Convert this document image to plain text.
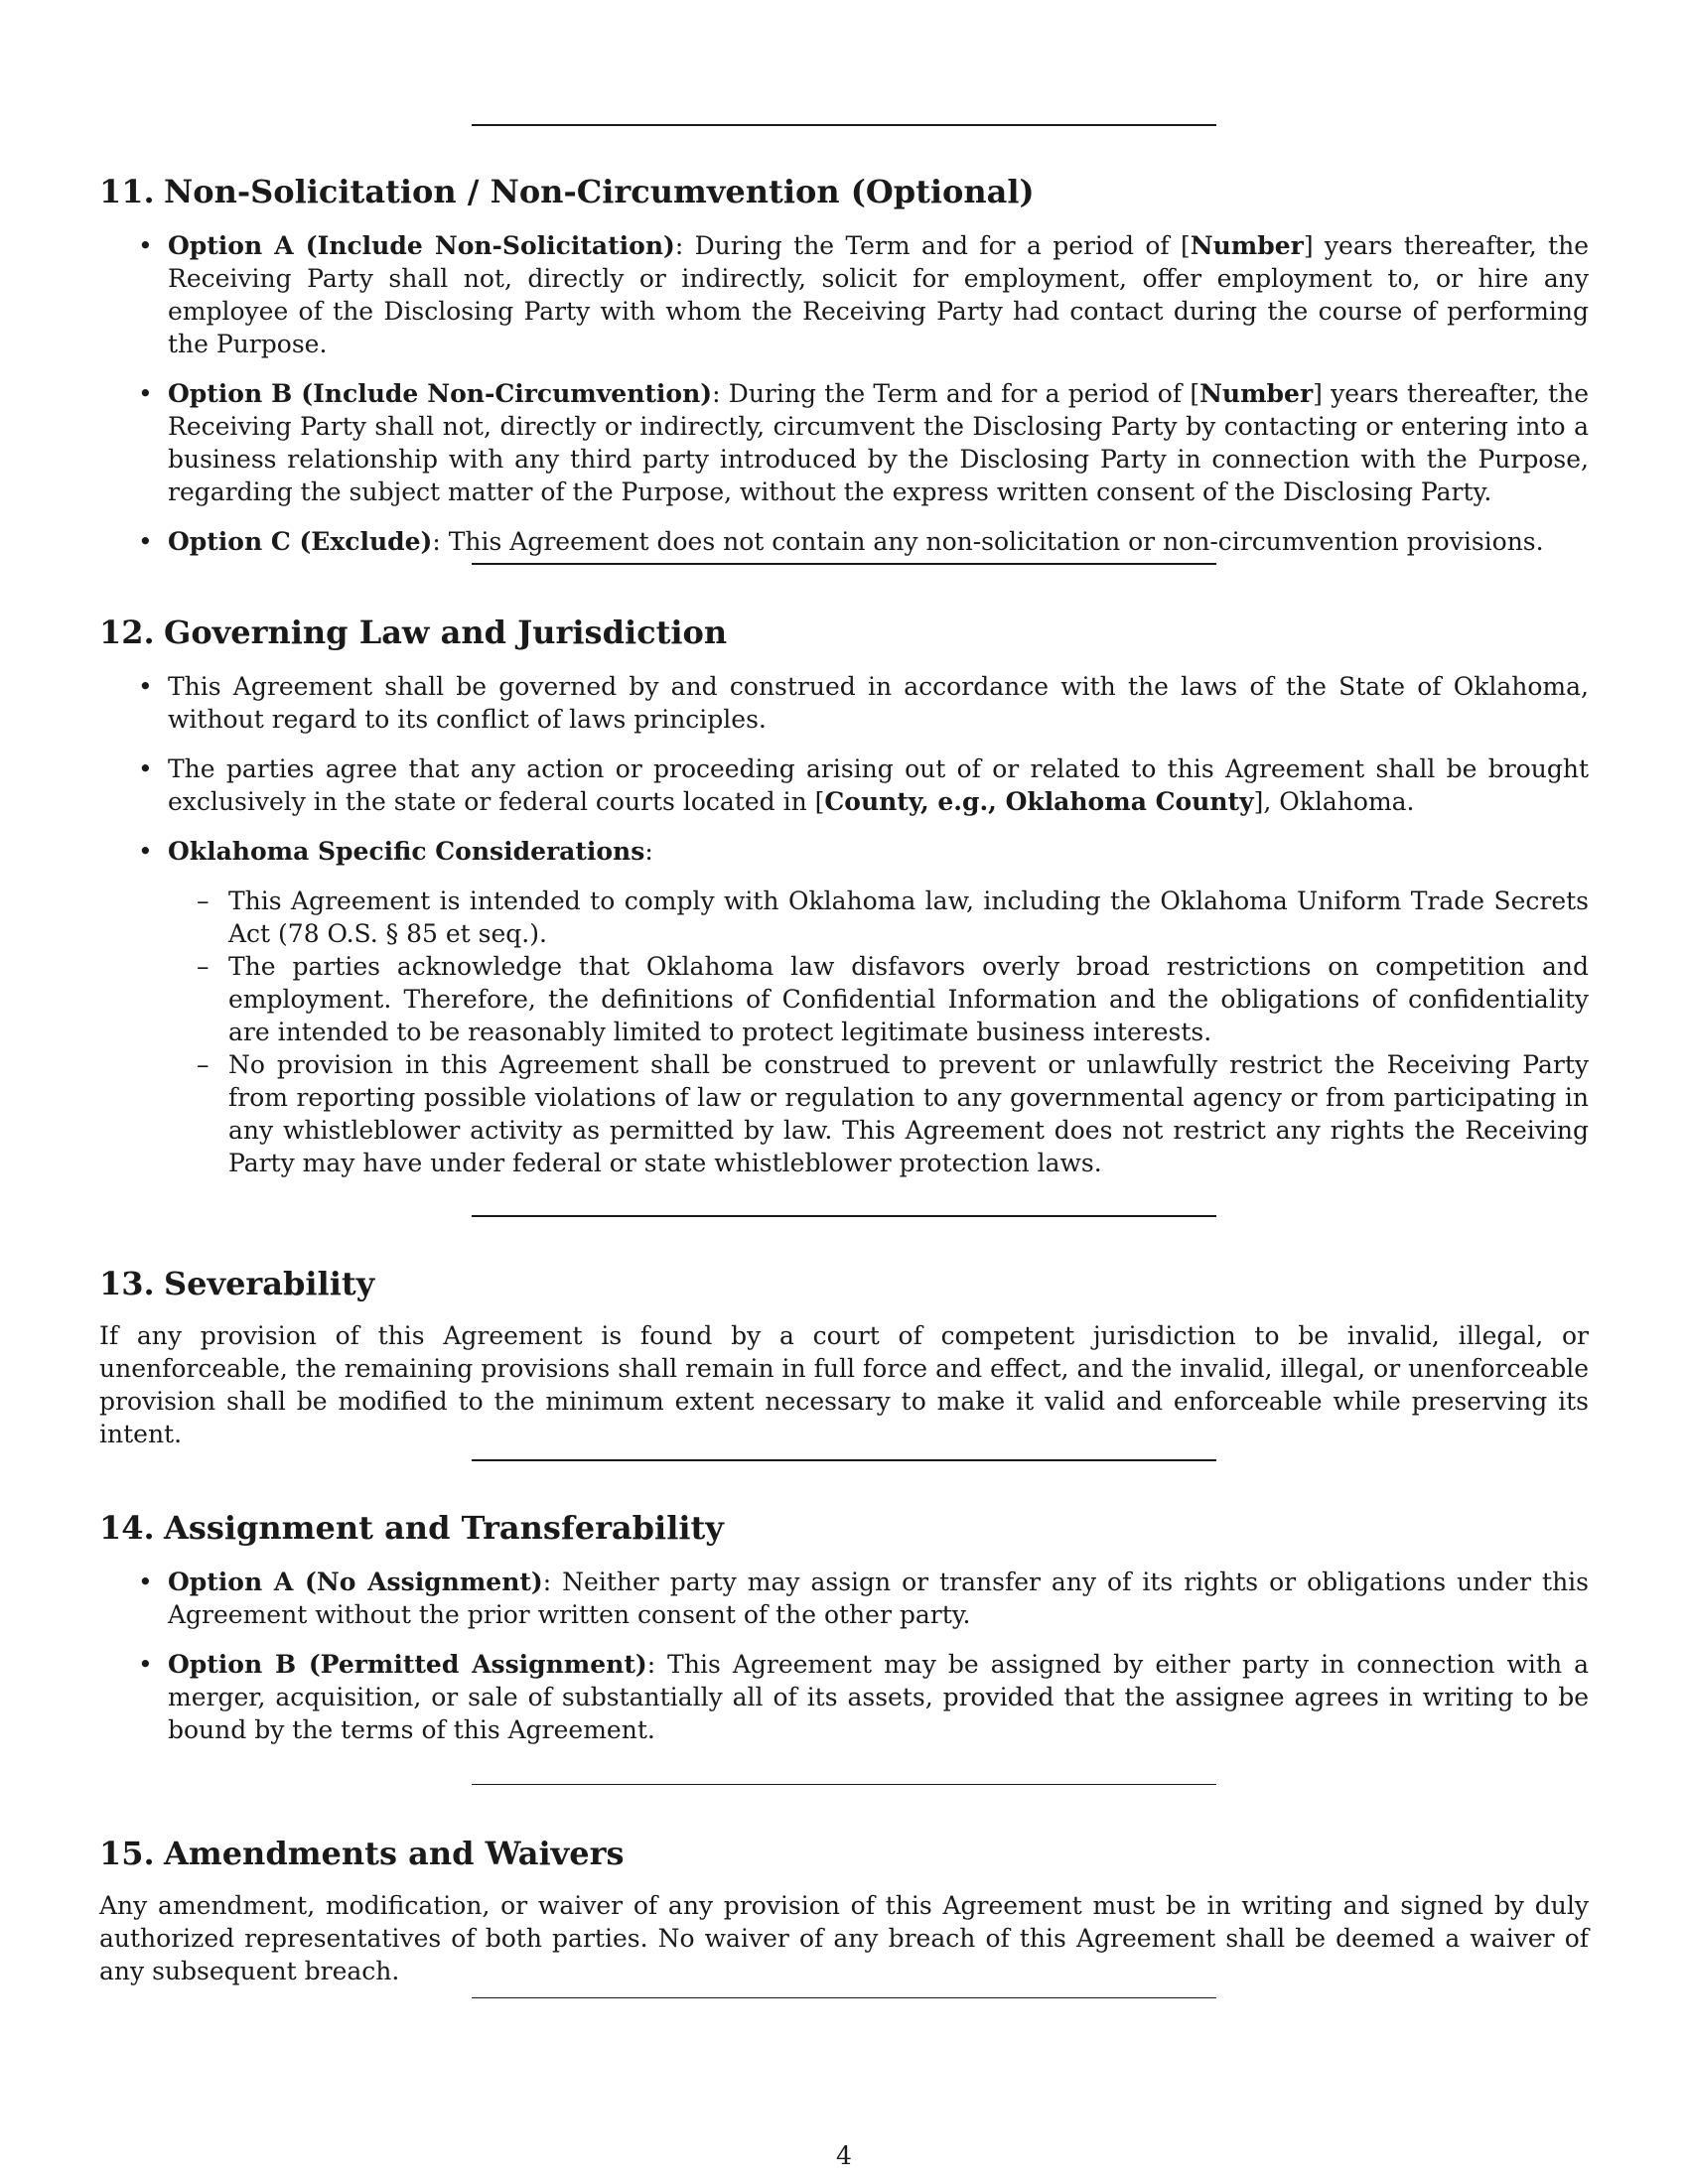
11. Non-Solicitation / Non-Circumvention (Optional)
• Option A (Include Non-Solicitation): During the Term and for a period of [Number] years thereafter, the Receiving Party shall not, directly or indirectly, solicit for employment, offer employment to, or hire any employee of the Disclosing Party with whom the Receiving Party had contact during the course of performing the Purpose.
• Option B (Include Non-Circumvention): During the Term and for a period of [Number] years thereafter, the Receiving Party shall not, directly or indirectly, circumvent the Disclosing Party by contacting or entering into a business relationship with any third party introduced by the Disclosing Party in connection with the Purpose, regarding the subject matter of the Purpose, without the express written consent of the Disclosing Party.
• Option C (Exclude): This Agreement does not contain any non-solicitation or non-circumvention provisions.
12. Governing Law and Jurisdiction
• This Agreement shall be governed by and construed in accordance with the laws of the State of Oklahoma, without regard to its conflict of laws principles.
• The parties agree that any action or proceeding arising out of or related to this Agreement shall be brought exclusively in the state or federal courts located in [County, e.g., Oklahoma County], Oklahoma.
• Oklahoma Specific Considerations:
– This Agreement is intended to comply with Oklahoma law, including the Oklahoma Uniform Trade Secrets Act (78 O.S. § 85 et seq.).
– The parties acknowledge that Oklahoma law disfavors overly broad restrictions on competition and employment. Therefore, the definitions of Confidential Information and the obligations of confidentiality are intended to be reasonably limited to protect legitimate business interests.
– No provision in this Agreement shall be construed to prevent or unlawfully restrict the Receiving Party from reporting possible violations of law or regulation to any governmental agency or from participating in any whistleblower activity as permitted by law. This Agreement does not restrict any rights the Receiving Party may have under federal or state whistleblower protection laws.
13. Severability

If any provision of this Agreement is found by a court of competent jurisdiction to be invalid, illegal, or unenforceable, the remaining provisions shall remain in full force and effect, and the invalid, illegal, or unenforceable provision shall be modified to the minimum extent necessary to make it valid and enforceable while preserving its intent.

14. Assignment and Transferability
• Option A (No Assignment): Neither party may assign or transfer any of its rights or obligations under this Agreement without the prior written consent of the other party.
• Option B (Permitted Assignment): This Agreement may be assigned by either party in connection with a merger, acquisition, or sale of substantially all of its assets, provided that the assignee agrees in writing to be bound by the terms of this Agreement.
15. Amendments and Waivers

Any amendment, modification, or waiver of any provision of this Agreement must be in writing and signed by duly authorized representatives of both parties. No waiver of any breach of this Agreement shall be deemed a waiver of any subsequent breach.

4
